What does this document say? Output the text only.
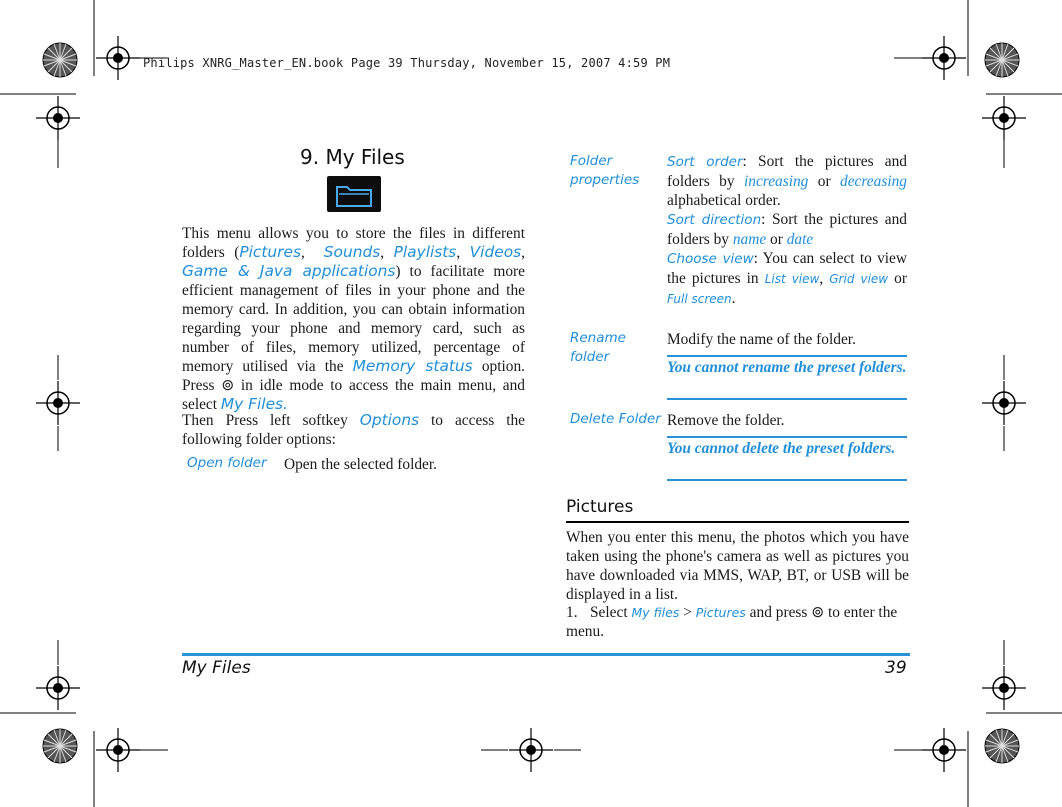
Philips XNRG_Master_EN.book Page 39 Thursday, November 15, 2007 4:59 PM
9. My Files
This menu allows you to store the files in different folders (Pictures,  Sounds, Playlists, Videos, Game & Java applications) to facilitate more efficient management of files in your phone and the memory card. In addition, you can obtain information regarding your phone and memory card, such as number of files, memory utilized, percentage of memory utilised via the Memory status option. Press ⊚ in idle mode to access the main menu, and select My Files.
Then Press left softkey Options to access the following folder options:
Open folder Open the selected folder.
Folder properties
Sort order: Sort the pictures and folders by increasing or decreasing alphabetical order.
Sort direction: Sort the pictures and folders by name or date
Choose view: You can select to view the pictures in List view, Grid view or Full screen.
Rename folder
Modify the name of the folder.
You cannot rename the preset folders.
Delete Folder Remove the folder.
You cannot delete the preset folders.
Pictures
When you enter this menu, the photos which you have taken using the phone's camera as well as pictures you have downloaded via MMS, WAP, BT, or USB will be displayed in a list.
1. Select My files > Pictures and press ⊚ to enter the menu.
My Files	39
